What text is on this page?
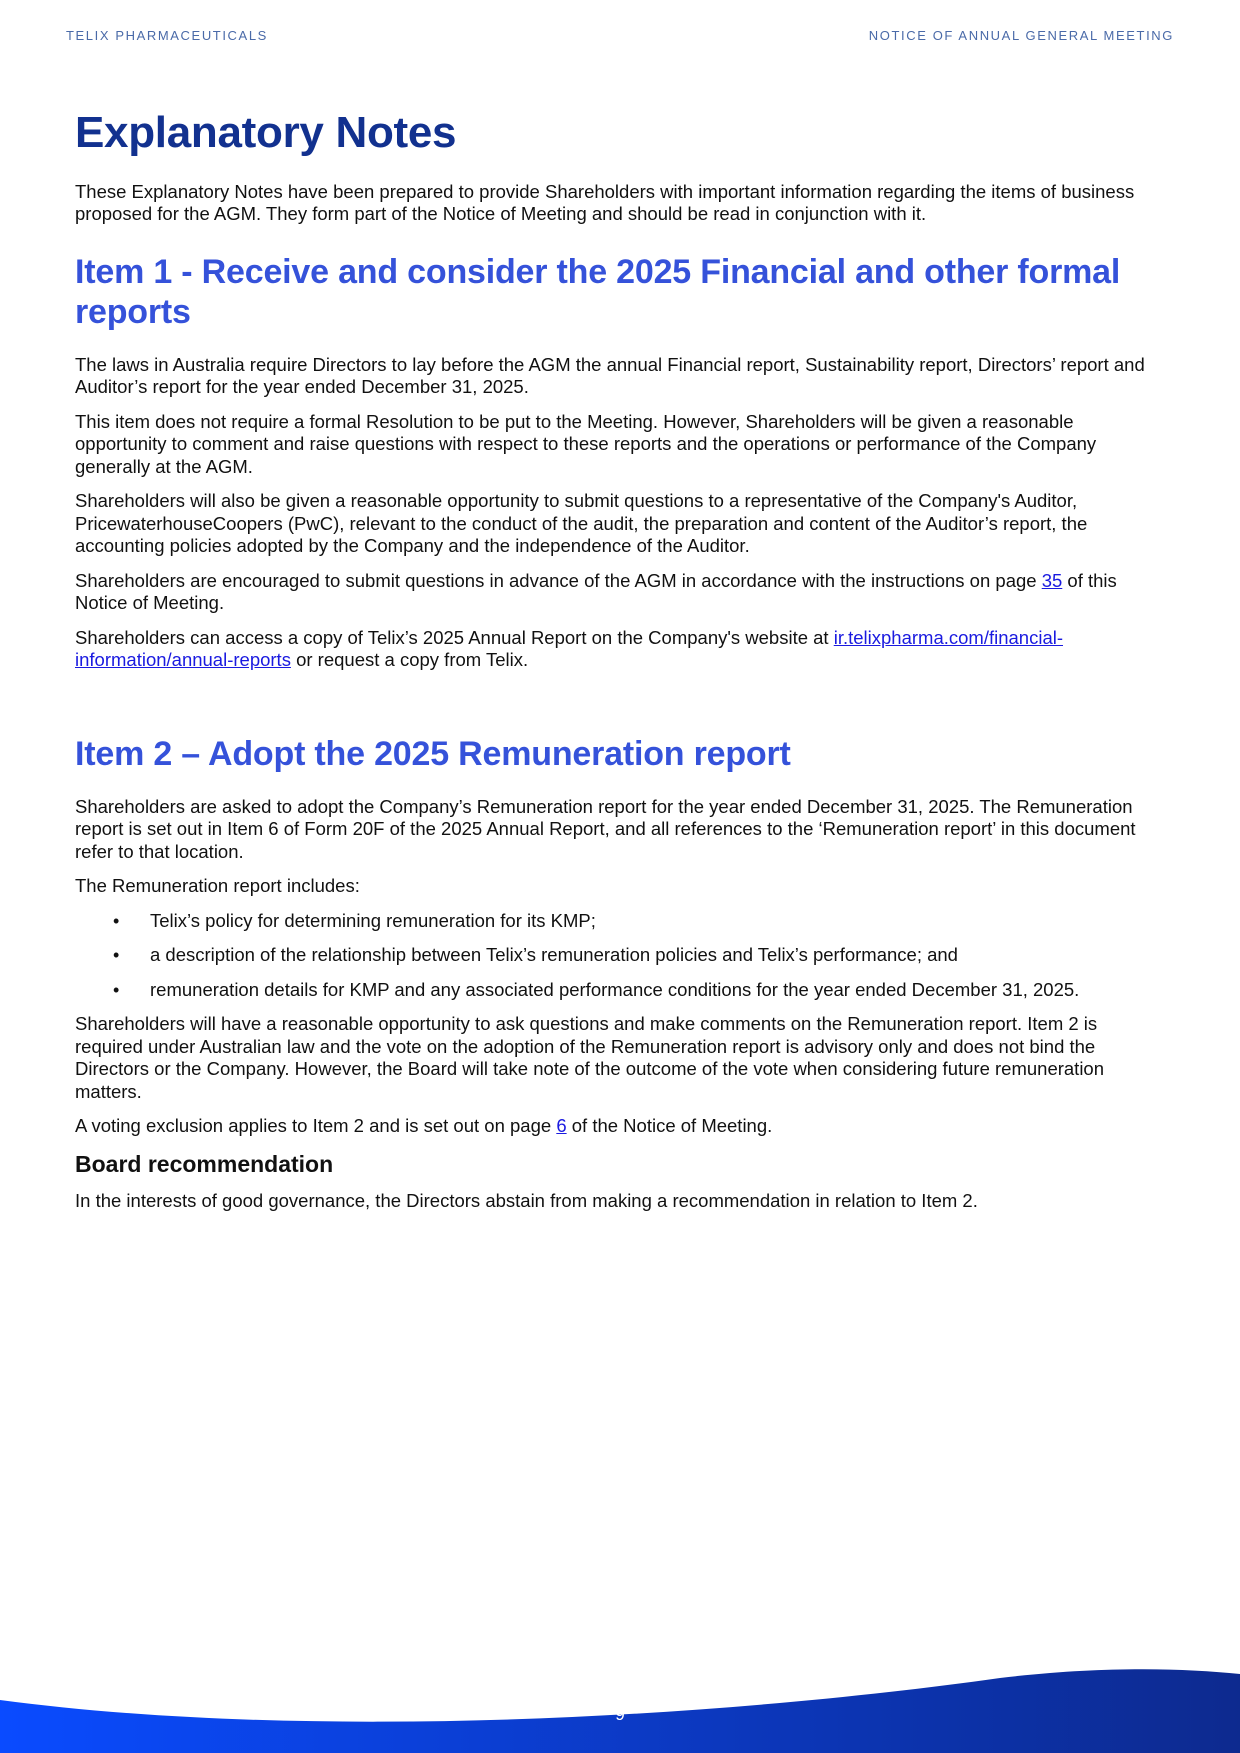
TELIX PHARMACEUTICALS	NOTICE OF ANNUAL GENERAL MEETING
Explanatory Notes

These Explanatory Notes have been prepared to provide Shareholders with important information regarding the items of business proposed for the AGM. They form part of the Notice of Meeting and should be read in conjunction with it.

Item 1 - Receive and consider the 2025 Financial and other formal reports

The laws in Australia require Directors to lay before the AGM the annual Financial report, Sustainability report, Directors’ report and Auditor’s report for the year ended December 31, 2025.

This item does not require a formal Resolution to be put to the Meeting. However, Shareholders will be given a reasonable opportunity to comment and raise questions with respect to these reports and the operations or performance of the Company generally at the AGM.

Shareholders will also be given a reasonable opportunity to submit questions to a representative of the Company's Auditor, PricewaterhouseCoopers (PwC), relevant to the conduct of the audit, the preparation and content of the Auditor’s report, the accounting policies adopted by the Company and the independence of the Auditor.

Shareholders are encouraged to submit questions in advance of the AGM in accordance with the instructions on page 35 of this Notice of Meeting.

Shareholders can access a copy of Telix’s 2025 Annual Report on the Company's website at ir.telixpharma.com/financial-information/annual-reports or request a copy from Telix.

Item 2 – Adopt the 2025 Remuneration report

Shareholders are asked to adopt the Company’s Remuneration report for the year ended December 31, 2025. The Remuneration report is set out in Item 6 of Form 20F of the 2025 Annual Report, and all references to the ‘Remuneration report’ in this document refer to that location.

The Remuneration report includes:

• Telix’s policy for determining remuneration for its KMP;
• a description of the relationship between Telix’s remuneration policies and Telix’s performance; and
• remuneration details for KMP and any associated performance conditions for the year ended December 31, 2025.

Shareholders will have a reasonable opportunity to ask questions and make comments on the Remuneration report. Item 2 is required under Australian law and the vote on the adoption of the Remuneration report is advisory only and does not bind the Directors or the Company. However, the Board will take note of the outcome of the vote when considering future remuneration matters.

A voting exclusion applies to Item 2 and is set out on page 6 of the Notice of Meeting.

Board recommendation

In the interests of good governance, the Directors abstain from making a recommendation in relation to Item 2.

9
